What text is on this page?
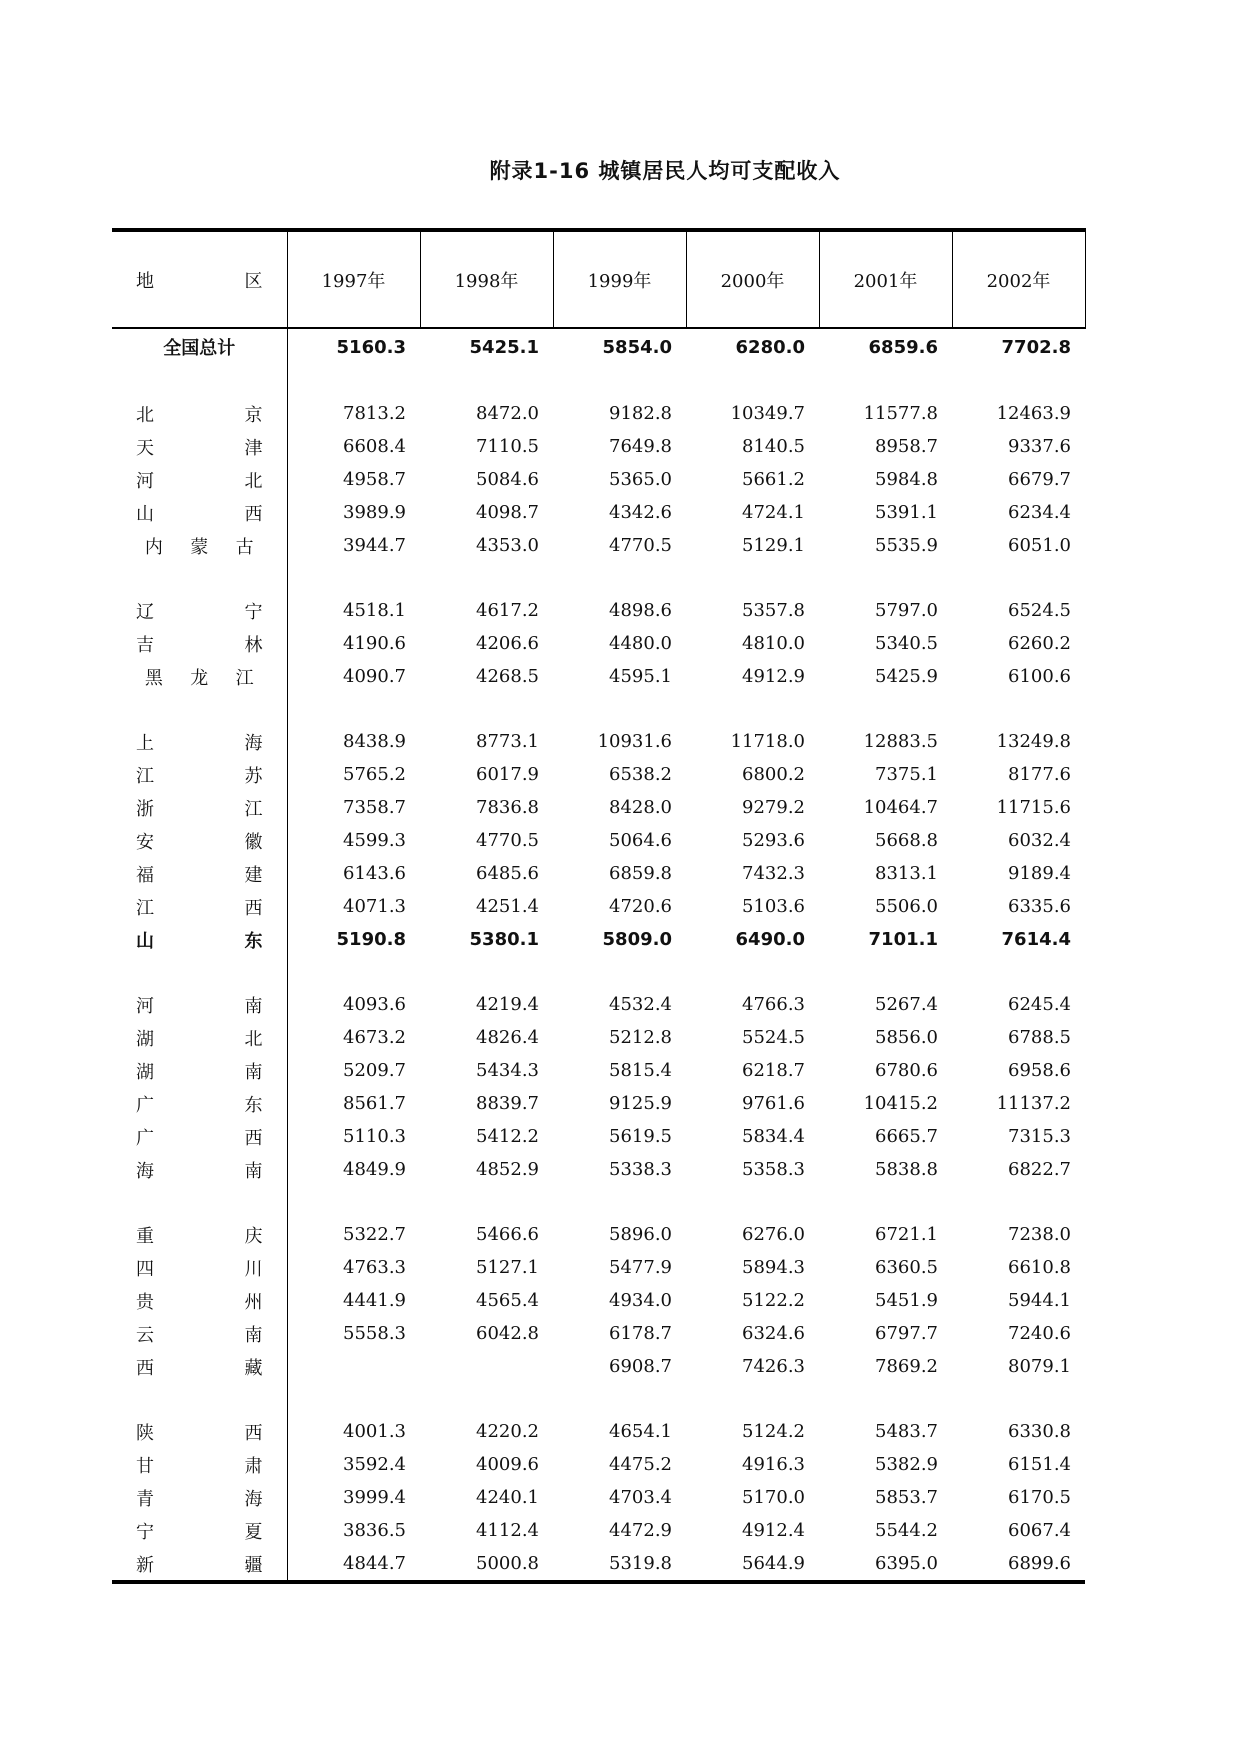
附录1-16 城镇居民人均可支配收入
地 区	1997年	1998年	1999年	2000年	2001年	2002年
全国总计	5160.3	5425.1	5854.0	6280.0	6859.6	7702.8

北 京	7813.2	8472.0	9182.8	10349.7	11577.8	12463.9

天 津	6608.4	7110.5	7649.8	8140.5	8958.7	9337.6

河 北	4958.7	5084.6	5365.0	5661.2	5984.8	6679.7

山 西	3989.9	4098.7	4342.6	4724.1	5391.1	6234.4

内 蒙 古	3944.7	4353.0	4770.5	5129.1	5535.9	6051.0

辽 宁	4518.1	4617.2	4898.6	5357.8	5797.0	6524.5

吉 林	4190.6	4206.6	4480.0	4810.0	5340.5	6260.2

黑 龙 江	4090.7	4268.5	4595.1	4912.9	5425.9	6100.6

上 海	8438.9	8773.1	10931.6	11718.0	12883.5	13249.8

江 苏	5765.2	6017.9	6538.2	6800.2	7375.1	8177.6

浙 江	7358.7	7836.8	8428.0	9279.2	10464.7	11715.6

安 徽	4599.3	4770.5	5064.6	5293.6	5668.8	6032.4

福 建	6143.6	6485.6	6859.8	7432.3	8313.1	9189.4

江 西	4071.3	4251.4	4720.6	5103.6	5506.0	6335.6

山 东	5190.8	5380.1	5809.0	6490.0	7101.1	7614.4

河 南	4093.6	4219.4	4532.4	4766.3	5267.4	6245.4

湖 北	4673.2	4826.4	5212.8	5524.5	5856.0	6788.5

湖 南	5209.7	5434.3	5815.4	6218.7	6780.6	6958.6

广 东	8561.7	8839.7	9125.9	9761.6	10415.2	11137.2

广 西	5110.3	5412.2	5619.5	5834.4	6665.7	7315.3

海 南	4849.9	4852.9	5338.3	5358.3	5838.8	6822.7

重 庆	5322.7	5466.6	5896.0	6276.0	6721.1	7238.0

四 川	4763.3	5127.1	5477.9	5894.3	6360.5	6610.8

贵 州	4441.9	4565.4	4934.0	5122.2	5451.9	5944.1

云 南	5558.3	6042.8	6178.7	6324.6	6797.7	7240.6

西 藏			6908.7	7426.3	7869.2	8079.1

陕 西	4001.3	4220.2	4654.1	5124.2	5483.7	6330.8

甘 肃	3592.4	4009.6	4475.2	4916.3	5382.9	6151.4

青 海	3999.4	4240.1	4703.4	5170.0	5853.7	6170.5

宁 夏	3836.5	4112.4	4472.9	4912.4	5544.2	6067.4

新 疆	4844.7	5000.8	5319.8	5644.9	6395.0	6899.6
